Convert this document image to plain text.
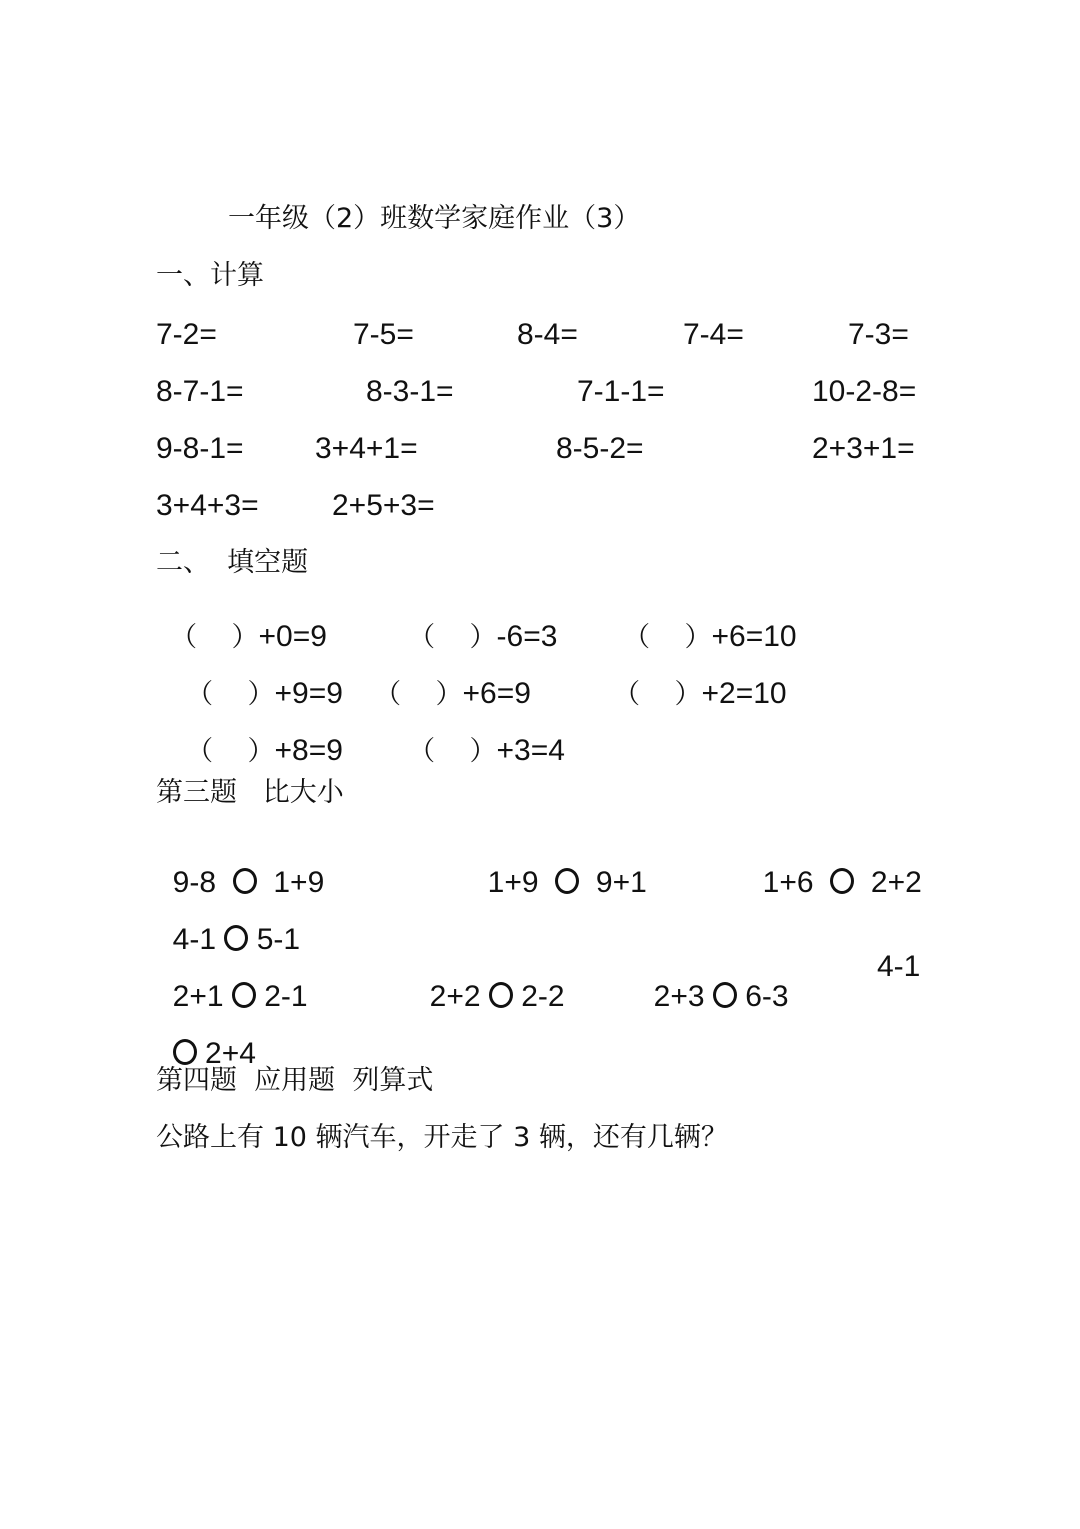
一年级（2）班数学家庭作业（3）
一、计算
7-2=	7-5=	8-4=	7-4=	7-3=
8-7-1=	8-3-1=	7-1-1=	10-2-8=
9-8-1= 3+4+1=	8-5-2=	2+3+1=
3+4+3= 2+5+3=
二、  填空题

（    ）+0=9	（    ）-6=3	（    ）+6=10

（    ）+9=9	（    ）+6=9	（    ）+2=10

（    ）+8=9	（    ）+3=4

第三题   比大小

9-8 1+9	1+9 9+1	1+6 2+2

4-1 5-1

2+1 2-1	2+2 2-2	2+3 6-3

4-1

2+4

第四题  应用题  列算式
公路上有 10 辆汽车，开走了 3 辆，还有几辆？
